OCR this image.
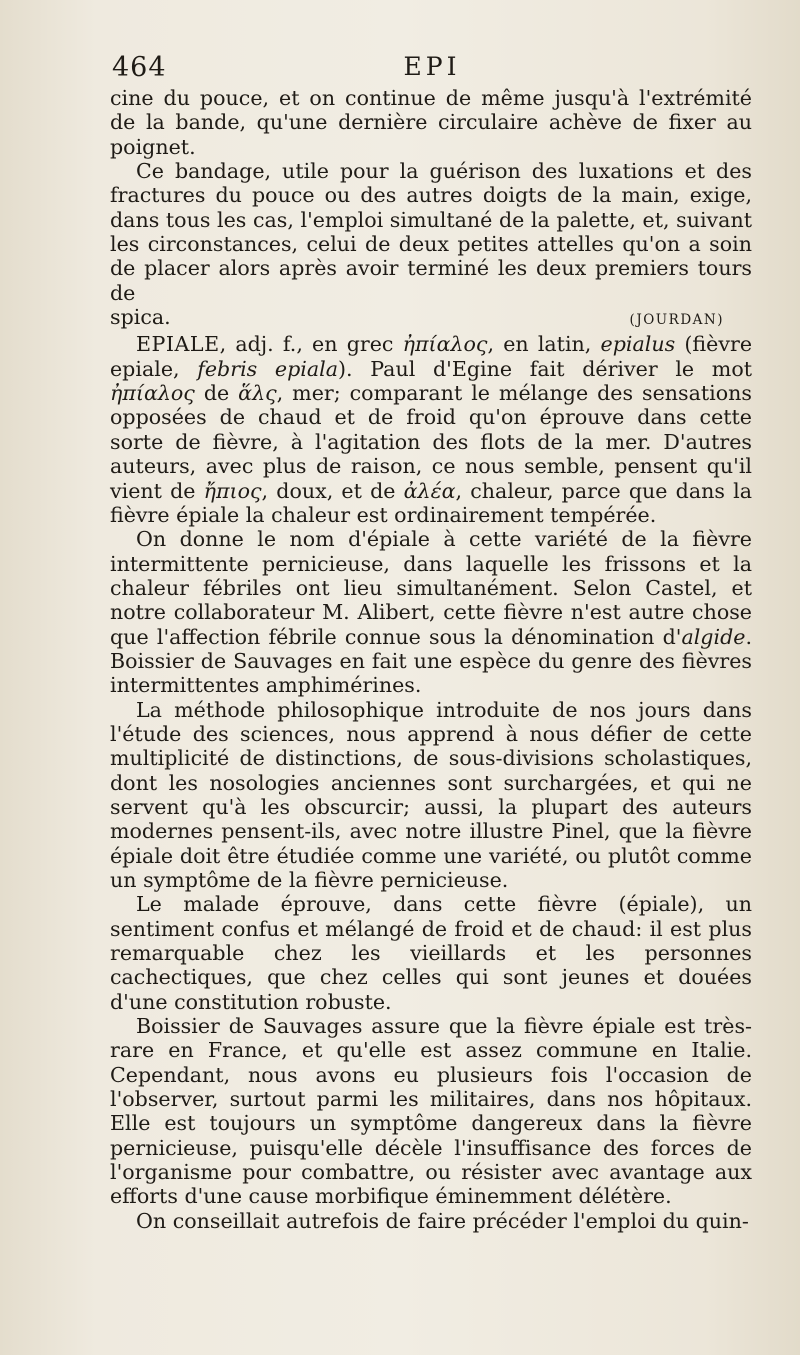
464	EPI

cine du pouce, et on continue de même jusqu'à l'extrémité de la bande, qu'une dernière circulaire achève de fixer au poignet.

Ce bandage, utile pour la guérison des luxations et des fractures du pouce ou des autres doigts de la main, exige, dans tous les cas, l'emploi simultané de la palette, et, suivant les circonstances, celui de deux petites attelles qu'on a soin de placer alors après avoir terminé les deux premiers tours de

spica.	(JOURDAN)

EPIALE, adj. f., en grec ἠπίαλος, en latin, epialus (fièvre epiale, febris epiala). Paul d'Egine fait dériver le mot ἠπίαλος de ἅλς, mer; comparant le mélange des sensations opposées de chaud et de froid qu'on éprouve dans cette sorte de fièvre, à l'agitation des flots de la mer. D'autres auteurs, avec plus de raison, ce nous semble, pensent qu'il vient de ἤπιος, doux, et de ἀλέα, chaleur, parce que dans la fièvre épiale la chaleur est ordinairement tempérée.

On donne le nom d'épiale à cette variété de la fièvre intermittente pernicieuse, dans laquelle les frissons et la chaleur fébriles ont lieu simultanément. Selon Castel, et notre collaborateur M. Alibert, cette fièvre n'est autre chose que l'affection fébrile connue sous la dénomination d'algide. Boissier de Sauvages en fait une espèce du genre des fièvres intermittentes amphimérines.

La méthode philosophique introduite de nos jours dans l'étude des sciences, nous apprend à nous défier de cette multiplicité de distinctions, de sous-divisions scholastiques, dont les nosologies anciennes sont surchargées, et qui ne servent qu'à les obscurcir; aussi, la plupart des auteurs modernes pensent-ils, avec notre illustre Pinel, que la fièvre épiale doit être étudiée comme une variété, ou plutôt comme un symptôme de la fièvre pernicieuse.

Le malade éprouve, dans cette fièvre (épiale), un sentiment confus et mélangé de froid et de chaud: il est plus remarquable chez les vieillards et les personnes cachectiques, que chez celles qui sont jeunes et douées d'une constitution robuste.

Boissier de Sauvages assure que la fièvre épiale est très-rare en France, et qu'elle est assez commune en Italie. Cependant, nous avons eu plusieurs fois l'occasion de l'observer, surtout parmi les militaires, dans nos hôpitaux. Elle est toujours un symptôme dangereux dans la fièvre pernicieuse, puisqu'elle décèle l'insuffisance des forces de l'organisme pour combattre, ou résister avec avantage aux efforts d'une cause morbifique éminemment délétère.

On conseillait autrefois de faire précéder l'emploi du quin-
